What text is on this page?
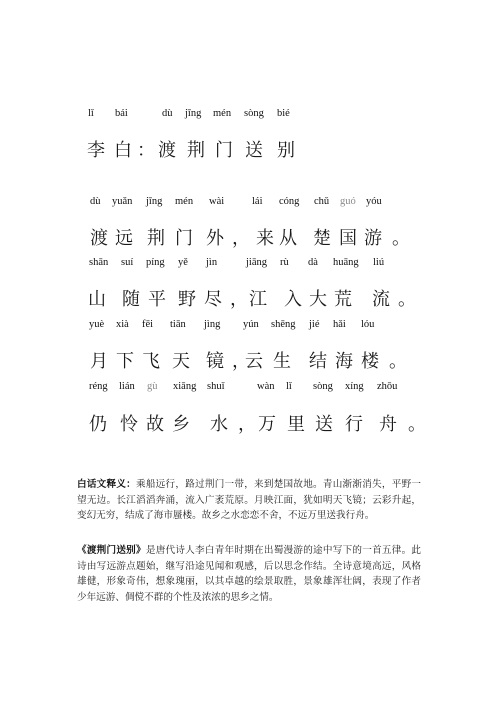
lǐ bái	dù jīng mén sòng bié
李 白 ： 渡 荆 门 送 别
dù yuǎn jīng mén wài	lái cóng chǔ guó yóu
渡 远 荆 门 外 ， 来 从 楚 国 游 。
shān suí píng yě jìn	jiāng rù dà huāng liú
山 随 平 野 尽 ， 江 入 大 荒 流 。
yuè xià fēi tiān jìng yún shēng jié hǎi lóu
月 下 飞 天 镜 ，
云 生 结 海 楼 。
réng lián gù xiāng shuǐ	wàn lǐ sòng xíng zhōu
仍 怜 故 乡 水 ， 万 里 送 行 舟 。
白话文释义：乘船远行，路过荆门一带，来到楚国故地。青山渐渐消失，平野一望无边。长江滔滔奔涌，流入广袤荒原。月映江面，犹如明天飞镜；云彩升起，变幻无穷，结成了海市蜃楼。故乡之水恋恋不舍，不远万里送我行舟。
《渡荆门送别》是唐代诗人李白青年时期在出蜀漫游的途中写下的一首五律。此诗由写远游点题始，继写沿途见闻和观感，后以思念作结。全诗意境高远，风格雄健，形象奇伟，想象瑰丽，以其卓越的绘景取胜，景象雄浑壮阔，表现了作者少年远游、倜傥不群的个性及浓浓的思乡之情。
